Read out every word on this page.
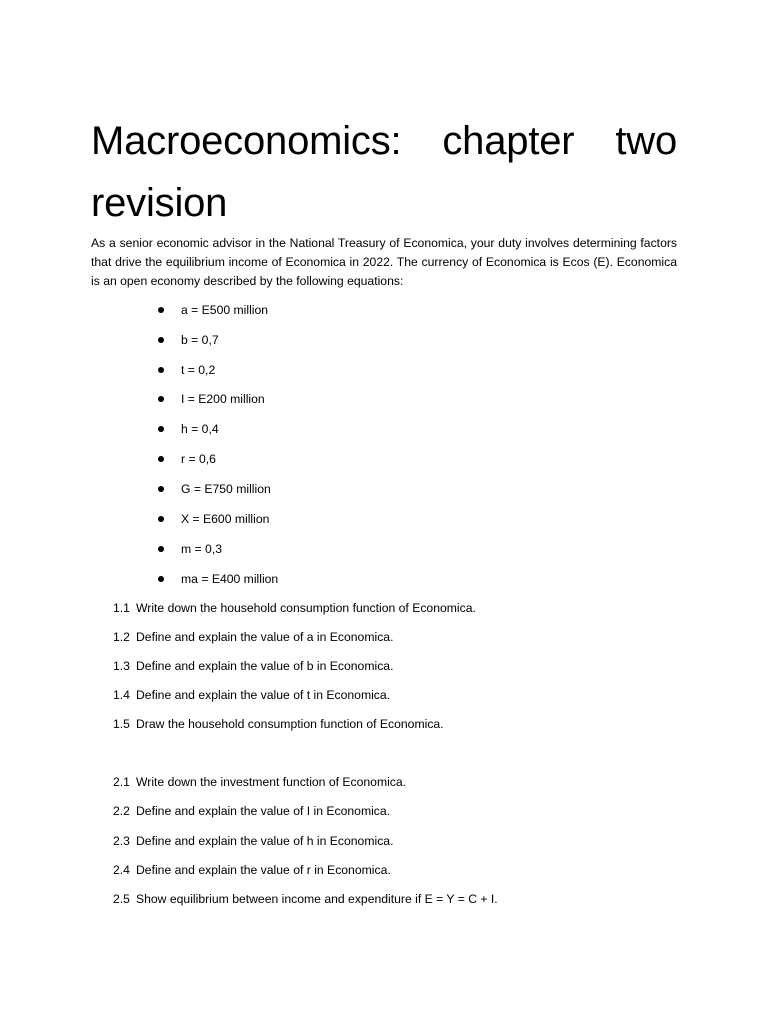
Macroeconomics: chapter two
revision

As a senior economic advisor in the National Treasury of Economica, your duty involves determining factors that drive the equilibrium income of Economica in 2022. The currency of Economica is Ecos (E). Economica is an open economy described by the following equations:

a = E500 million
b = 0,7
t = 0,2
I = E200 million
h = 0,4
r = 0,6
G = E750 million
X = E600 million
m = 0,3
ma = E400 million
1.1 Write down the household consumption function of Economica.
1.2 Define and explain the value of a in Economica.
1.3 Define and explain the value of b in Economica.
1.4 Define and explain the value of t in Economica.
1.5 Draw the household consumption function of Economica.
2.1 Write down the investment function of Economica.
2.2 Define and explain the value of I in Economica.
2.3 Define and explain the value of h in Economica.
2.4 Define and explain the value of r in Economica.
2.5 Show equilibrium between income and expenditure if E = Y = C + I.
